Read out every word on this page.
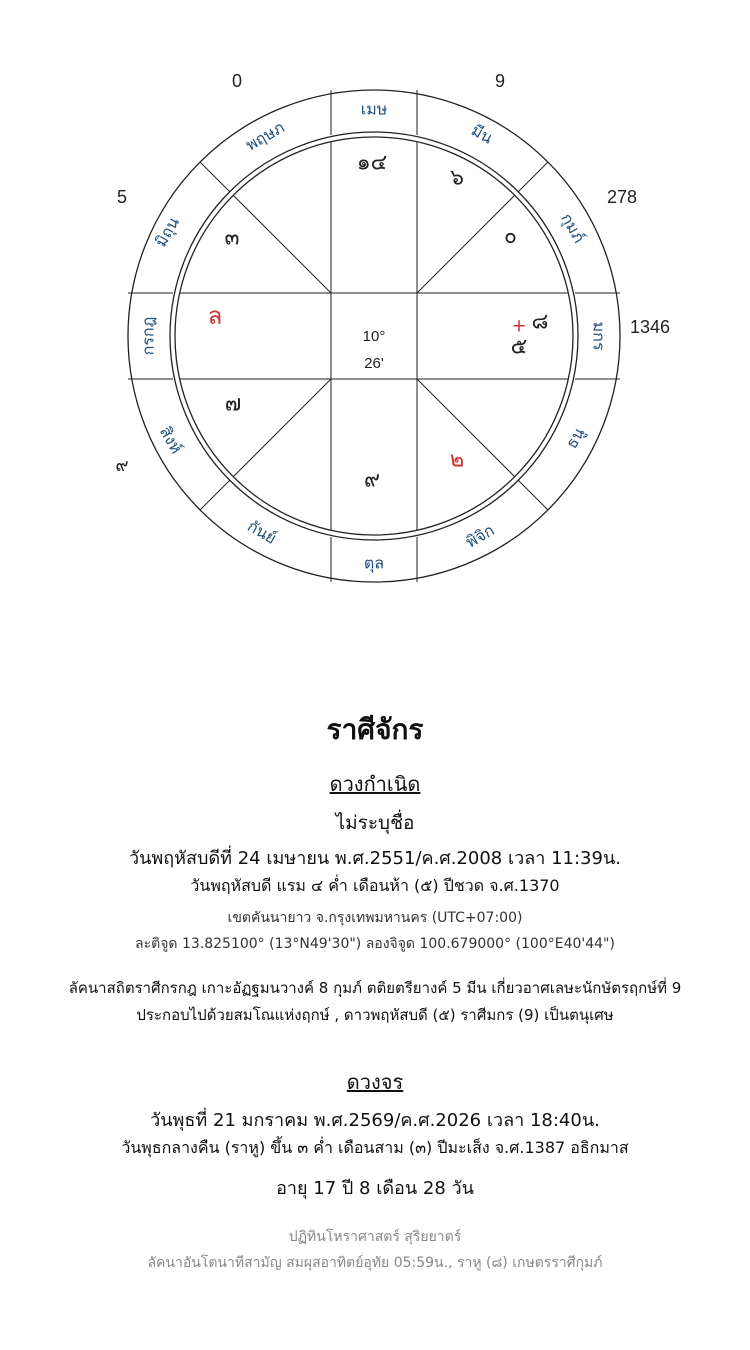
10°
26'
0	9
5	278
1346
๙
เมษ
มีน
กุมภ์
มกร
ธนู
พิจิก
ตุล
กันย์
สิงห์
กรกฎ
มิถุน
พฤษภ
๑๔
๖
๐
๘
๕
๙
๗
๓
+
๒
ล
ราศีจักร
ดวงกำเนิด
ไม่ระบุชื่อ
วันพฤหัสบดีที่ 24 เมษายน พ.ศ.2551/ค.ศ.2008 เวลา 11:39น.
วันพฤหัสบดี แรม ๔ ค่ำ เดือนห้า (๕) ปีชวด จ.ศ.1370
เขตคันนายาว จ.กรุงเทพมหานคร (UTC+07:00)
ละติจูด 13.825100° (13°N49'30") ลองจิจูด 100.679000° (100°E40'44")
ลัคนาสถิตราศีกรกฎ เกาะอัฏฐมนวางค์ 8 กุมภ์ ตติยตรียางค์ 5 มีน เกี่ยวอาศเลษะนักษัตรฤกษ์ที่ 9
ประกอบไปด้วยสมโณแห่งฤกษ์ , ดาวพฤหัสบดี (๕) ราศีมกร (9) เป็นตนุเศษ
ดวงจร
วันพุธที่ 21 มกราคม พ.ศ.2569/ค.ศ.2026 เวลา 18:40น.
วันพุธกลางคืน (ราหู) ขึ้น ๓ ค่ำ เดือนสาม (๓) ปีมะเส็ง จ.ศ.1387 อธิกมาส
อายุ 17 ปี 8 เดือน 28 วัน
ปฏิทินโหราศาสตร์ สุริยยาตร์
ลัคนาอันโตนาทีสามัญ สมผุสอาทิตย์อุทัย 05:59น., ราหู (๘) เกษตรราศีกุมภ์
